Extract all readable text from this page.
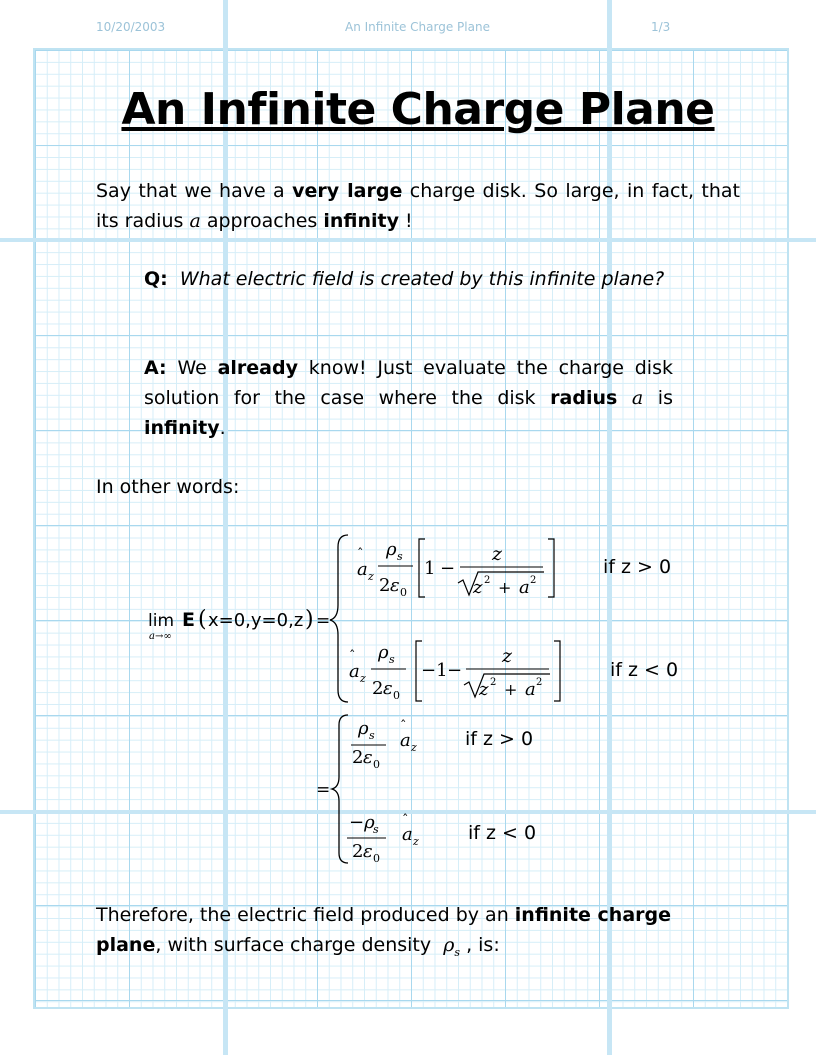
10/20/2003	An Infinite Charge Plane	1/3
An Infinite Charge Plane
Say that we have a very large charge disk. So large, in fact, that its radius a approaches infinity !
Q: What electric field is created by this infinite plane?
A: We already know! Just evaluate the charge disk solution for the case where the disk radius a is infinity.
In other words:
lim
a→∞
E ( x=0,y=0,z ) =
a
ˆ
z
ρ s
2 ε 0
1 −
z
z 2 + a 2
if z > 0
a
ˆ
z
ρ s
2 ε 0
−1 −
z
z 2 + a 2
if z < 0
=
ρ s
2 ε 0
a
ˆ
z	if z > 0
−ρ
s
2 ε 0
a
ˆ
z	if z < 0
Therefore, the electric field produced by an infinite charge plane, with surface charge density  $\rho_s$ , is:
